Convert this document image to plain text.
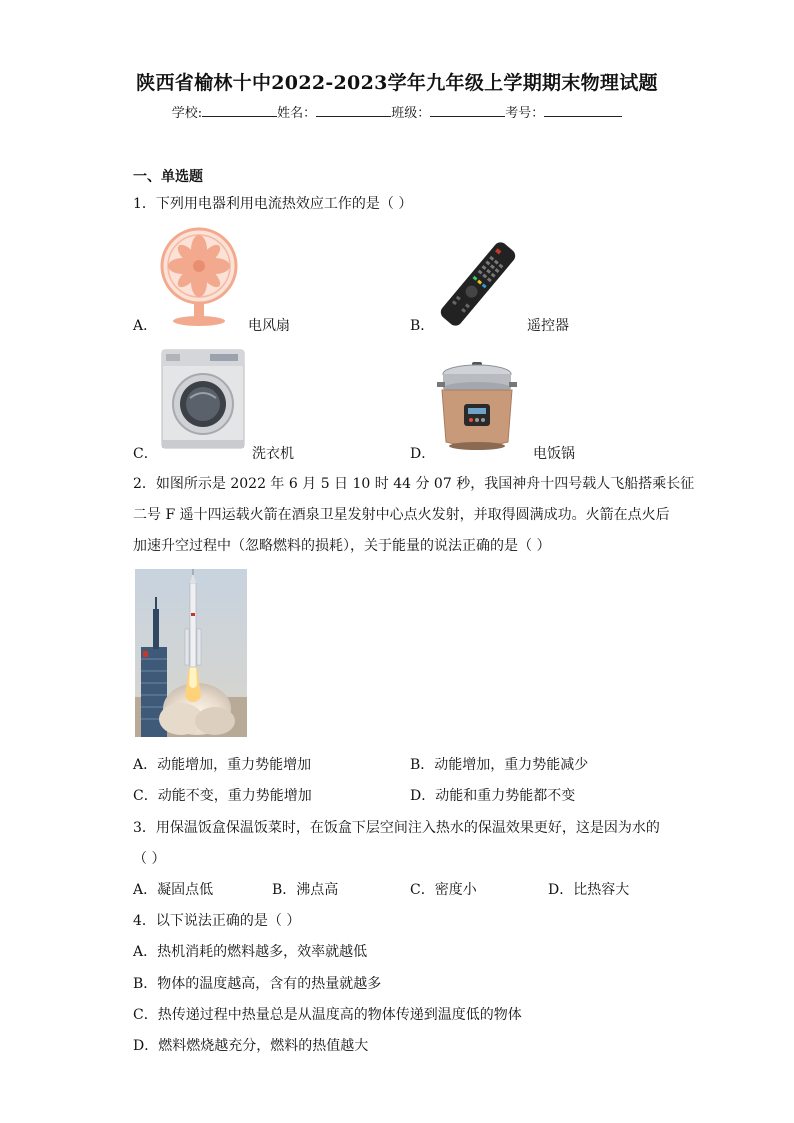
陕西省榆林十中2022-2023学年九年级上学期期末物理试题
学校:	姓名：	班级：	考号：
一、单选题
1．下列用电器利用电流热效应工作的是（ ）
A．	电风扇	B．	遥控器
C．	洗衣机	D．	电饭锅
2．如图所示是 2022 年 6 月 5 日 10 时 44 分 07 秒，我国神舟十四号载人飞船搭乘长征
二号 F 遥十四运载火箭在酒泉卫星发射中心点火发射，并取得圆满成功。火箭在点火后
加速升空过程中（忽略燃料的损耗），关于能量的说法正确的是（ ）
A．动能增加，重力势能增加	B．动能增加，重力势能减少
C．动能不变，重力势能增加	D．动能和重力势能都不变
3．用保温饭盒保温饭菜时，在饭盒下层空间注入热水的保温效果更好，这是因为水的
（ ）
A．凝固点低	B．沸点高	C．密度小	D．比热容大
4．以下说法正确的是（ ）
A．热机消耗的燃料越多，效率就越低
B．物体的温度越高，含有的热量就越多
C．热传递过程中热量总是从温度高的物体传递到温度低的物体
D．燃料燃烧越充分，燃料的热值越大
